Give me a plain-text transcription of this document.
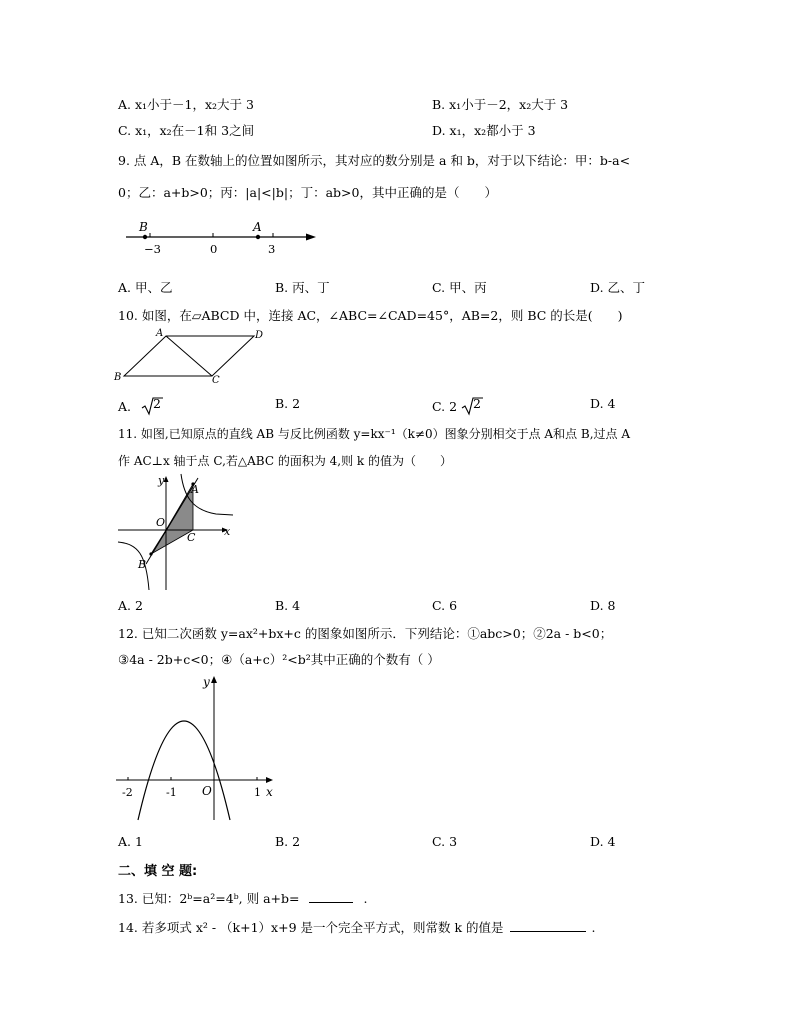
A. x₁小于－1，x₂大于 3	B. x₁小于－2，x₂大于 3
C. x₁，x₂在－1和 3之间	D. x₁，x₂都小于 3
9. 点 A，B 在数轴上的位置如图所示，其对应的数分别是 a 和 b，对于以下结论：甲：b-a<
0；乙：a+b>0；丙：|a|<|b|；丁：ab>0，其中正确的是（　　）
B	A
−3	0	3
A. 甲、乙	B. 丙、丁	C. 甲、丙	D. 乙、丁
10. 如图，在▱ABCD 中，连接 AC，∠ABC=∠CAD=45°，AB=2，则 BC 的长是(　　)
A
B	C
D
A. 2	B. 2	C. 2 2	D. 4
11. 如图,已知原点的直线 AB 与反比例函数 y=kx⁻¹（k≠0）图象分别相交于点 A和点 B,过点 A
作 AC⊥x 轴于点 C,若△ABC 的面积为 4,则 k 的值为（　　）
y
x
O
A
B
C
A. 2	B. 4	C. 6	D. 8
12. 已知二次函数 y=ax²+bx+c 的图象如图所示．下列结论：①abc>0；②2a - b<0；
③4a - 2b+c<0；④（a+c）²<b²其中正确的个数有（ ）
y
x
O
-2	-1	1
A. 1	B. 2	C. 3	D. 4
二、填 空 题:
13. 已知：2ᵇ=a²=4ᵇ, 则 a+b=	.
14. 若多项式 x² - （k+1）x+9 是一个完全平方式，则常数 k 的值是	.
